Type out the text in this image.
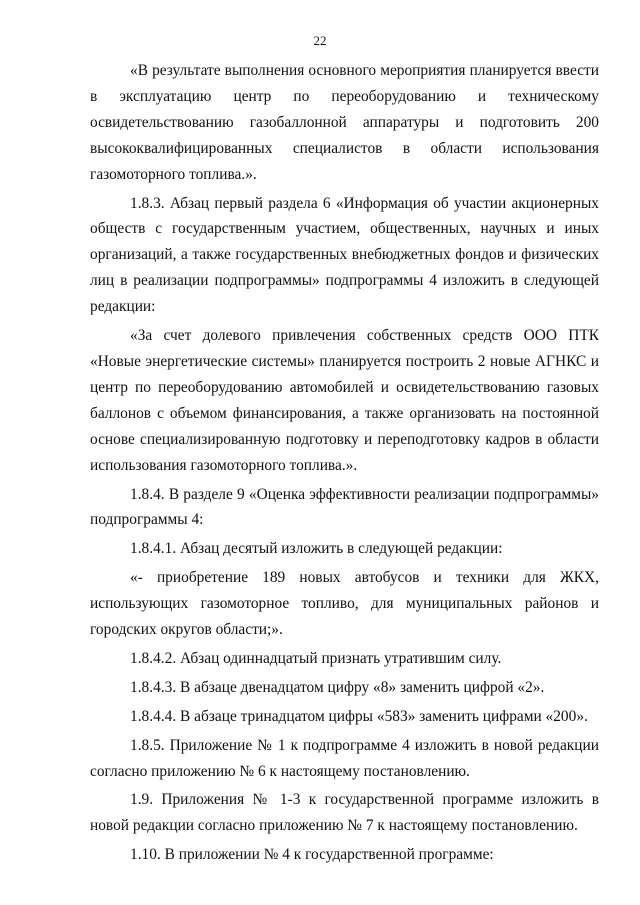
22

«В результате выполнения основного мероприятия планируется ввести в эксплуатацию центр по переоборудованию и техническому освидетельствованию газобаллонной аппаратуры и подготовить 200 высококвалифицированных специалистов в области использования газомоторного топлива.».

1.8.3. Абзац первый раздела 6 «Информация об участии акционерных обществ с государственным участием, общественных, научных и иных организаций, а также государственных внебюджетных фондов и физических лиц в реализации подпрограммы» подпрограммы 4 изложить в следующей редакции:

«За счет долевого привлечения собственных средств ООО ПТК «Новые энергетические системы» планируется построить 2 новые АГНКС и центр по переоборудованию автомобилей и освидетельствованию газовых баллонов с объемом финансирования, а также организовать на постоянной основе специализированную подготовку и переподготовку кадров в области использования газомоторного топлива.».

1.8.4. В разделе 9 «Оценка эффективности реализации подпрограммы» подпрограммы 4:

1.8.4.1. Абзац десятый изложить в следующей редакции:

«- приобретение 189 новых автобусов и техники для ЖКХ, использующих газомоторное топливо, для муниципальных районов и городских округов области;».

1.8.4.2. Абзац одиннадцатый признать утратившим силу.

1.8.4.3. В абзаце двенадцатом цифру «8» заменить цифрой «2».

1.8.4.4. В абзаце тринадцатом цифры «583» заменить цифрами «200».

1.8.5. Приложение № 1 к подпрограмме 4 изложить в новой редакции согласно приложению № 6 к настоящему постановлению.

1.9. Приложения № 1-3 к государственной программе изложить в новой редакции согласно приложению № 7 к настоящему постановлению.

1.10. В приложении № 4 к государственной программе:
